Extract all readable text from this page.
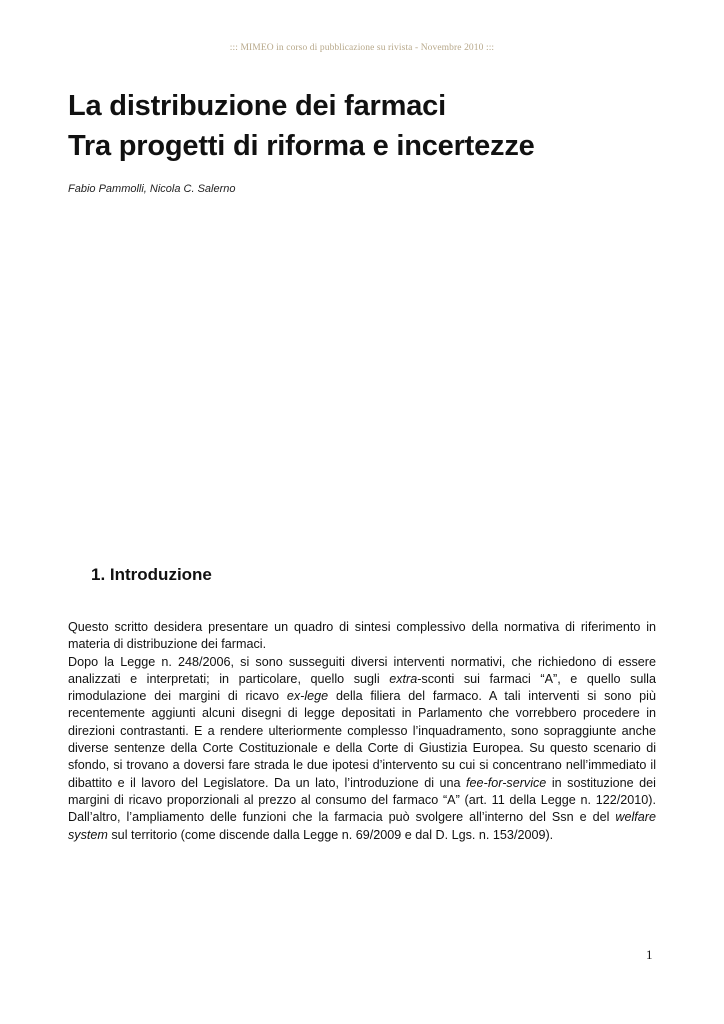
::: MIMEO in corso di pubblicazione su rivista - Novembre 2010 :::
La distribuzione dei farmaci
Tra progetti di riforma e incertezze
Fabio Pammolli, Nicola C. Salerno
1. Introduzione

Questo scritto desidera presentare un quadro di sintesi complessivo della normativa di riferimento in materia di distribuzione dei farmaci.

Dopo la Legge n. 248/2006, si sono susseguiti diversi interventi normativi, che richiedono di essere analizzati e interpretati; in particolare, quello sugli extra-sconti sui farmaci “A”, e quello sulla rimodulazione dei margini di ricavo ex-lege della filiera del farmaco. A tali interventi si sono più recentemente aggiunti alcuni disegni di legge depositati in Parlamento che vorrebbero procedere in direzioni contrastanti. E a rendere ulteriormente complesso l’inquadramento, sono sopraggiunte anche diverse sentenze della Corte Costituzionale e della Corte di Giustizia Europea. Su questo scenario di sfondo, si trovano a doversi fare strada le due ipotesi d’intervento su cui si concentrano nell’immediato il dibattito e il lavoro del Legislatore. Da un lato, l’introduzione di una fee-for-service in sostituzione dei margini di ricavo proporzionali al prezzo al consumo del farmaco “A” (art. 11 della Legge n. 122/2010). Dall’altro, l’ampliamento delle funzioni che la farmacia può svolgere all’interno del Ssn e del welfare system sul territorio (come discende dalla Legge n. 69/2009 e dal D. Lgs. n. 153/2009).

1
